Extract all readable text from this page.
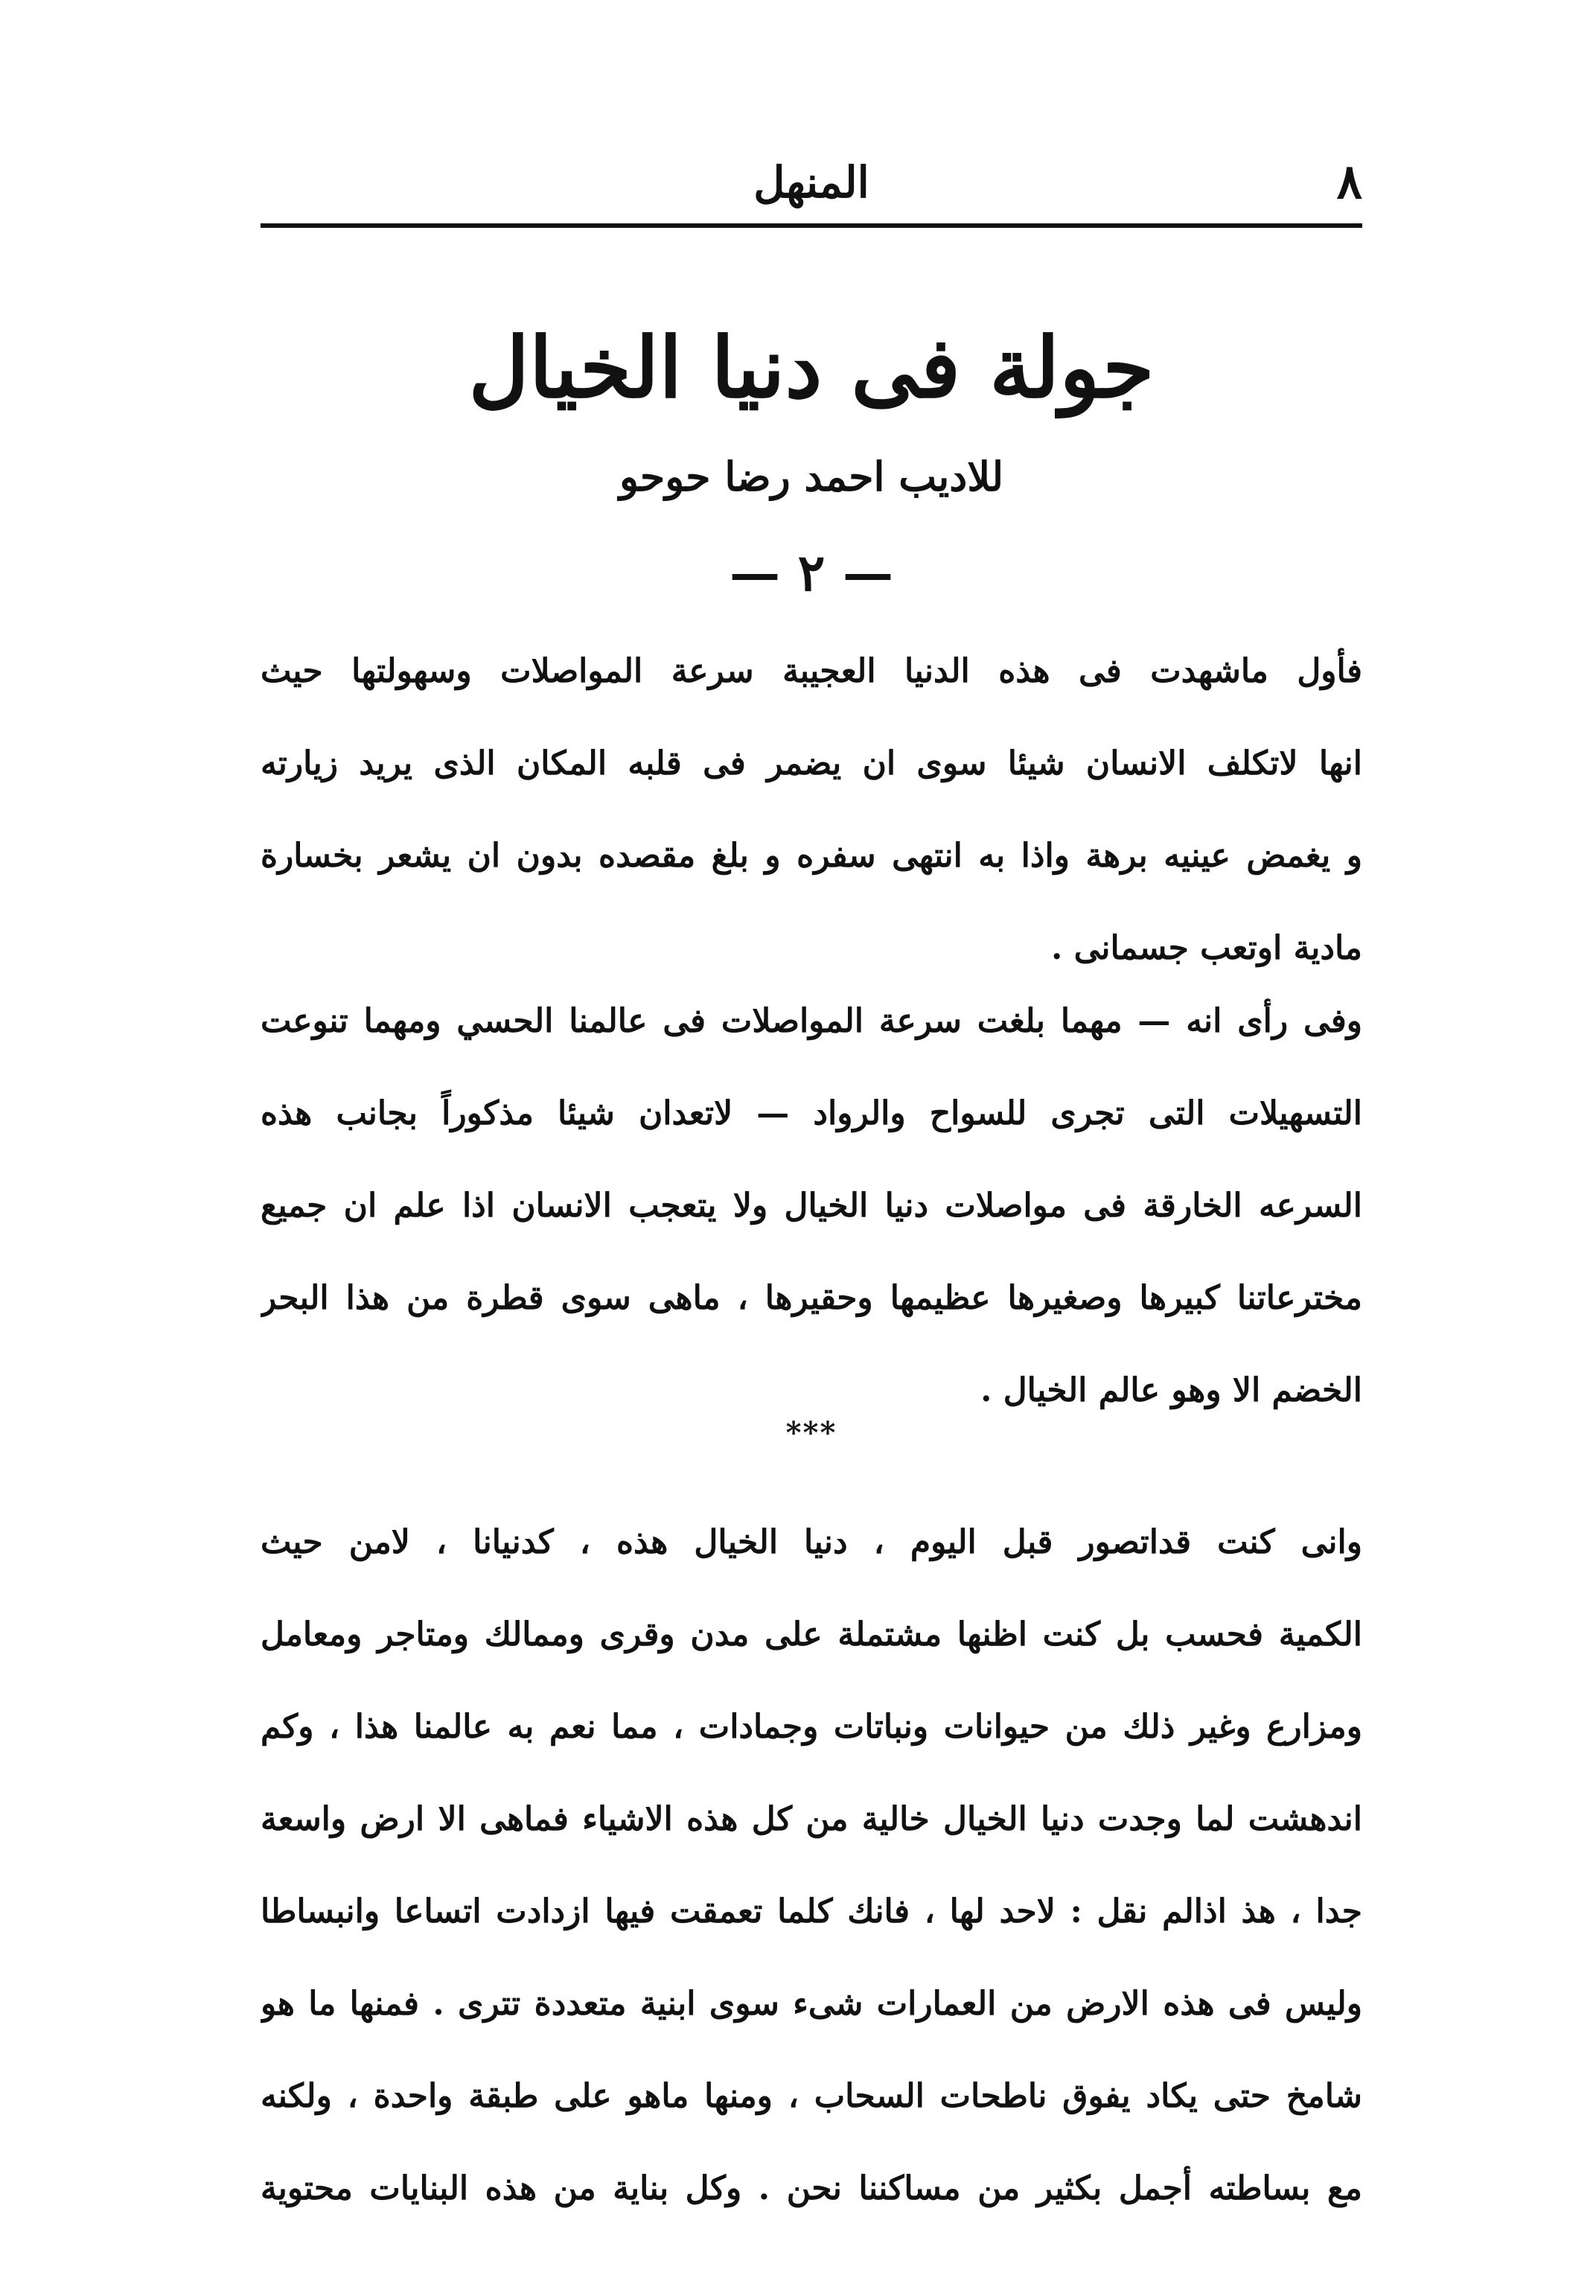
٨
المنهل
جولة فى دنيا الخيال
للاديب احمد رضا حوحو
— ٢ —
فأول ماشهدت فى هذه الدنيا العجيبة سرعة المواصلات وسهولتها حيث
انها لاتكلف الانسان شيئا سوى ان يضمر فى قلبه المكان الذى يريد زيارته
و يغمض عينيه برهة واذا به انتهى سفره و بلغ مقصده بدون ان يشعر بخسارة
مادية اوتعب جسمانى .
وفى رأى انه — مهما بلغت سرعة المواصلات فى عالمنا الحسي ومهما تنوعت
التسهيلات التى تجرى للسواح والرواد — لاتعدان شيئا مذكوراً بجانب هذه
السرعه الخارقة فى مواصلات دنيا الخيال ولا يتعجب الانسان اذا علم ان جميع
مخترعاتنا كبيرها وصغيرها عظيمها وحقيرها ، ماهى سوى قطرة من هذا البحر
الخضم الا وهو عالم الخيال .
***
وانى كنت قداتصور قبل اليوم ، دنيا الخيال هذه ، كدنيانا ، لامن حيث
الكمية فحسب بل كنت اظنها مشتملة على مدن وقرى وممالك ومتاجر ومعامل
ومزارع وغير ذلك من حيوانات ونباتات وجمادات ، مما نعم به عالمنا هذا ، وكم
اندهشت لما وجدت دنيا الخيال خالية من كل هذه الاشياء فماهى الا ارض واسعة
جدا ، هذ اذالم نقل : لاحد لها ، فانك كلما تعمقت فيها ازدادت اتساعا وانبساطا
وليس فى هذه الارض من العمارات شىء سوى ابنية متعددة تترى . فمنها ما هو
شامخ حتى يكاد يفوق ناطحات السحاب ، ومنها ماهو على طبقة واحدة ، ولكنه
مع بساطته أجمل بكثير من مساكننا نحن . وكل بناية من هذه البنايات محتوية
